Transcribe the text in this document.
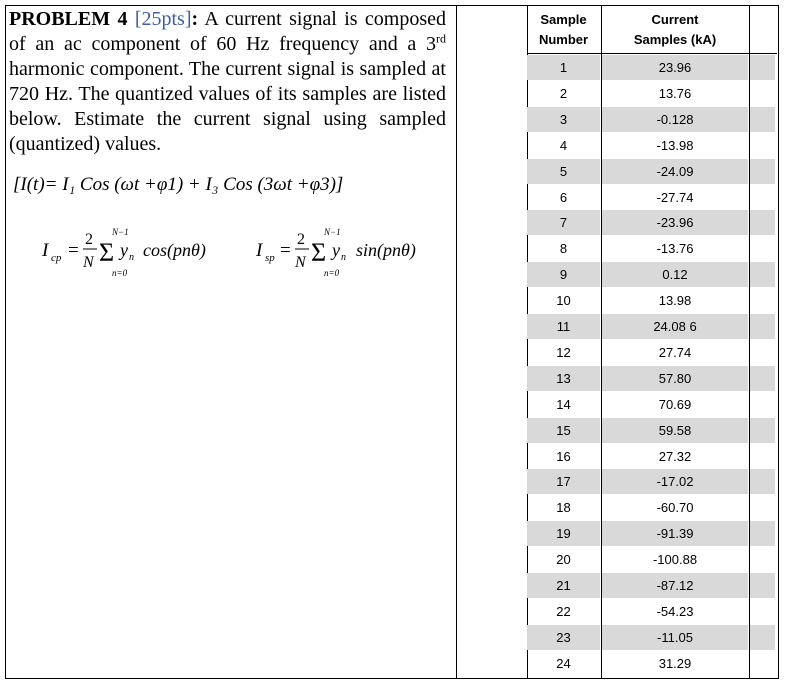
PROBLEM 4 [25pts]: A current signal is composed of an ac component of 60 Hz frequency and a 3rd harmonic component. The current signal is sampled at 720 Hz. The quantized values of its samples are listed below. Estimate the current signal using sampled (quantized) values.
[I(t)= I₁ Cos (ωt +φ1) + I₃ Cos (3ωt +φ3)]
I cp =
2
N
N−1
Σ
n=0
y n cos(pnθ)	I sp =
2
N
N−1
Σ
n=0
y n sin(pnθ)
Sample
Number
Current
Samples (kA)
1	23.96
2	13.76
3	-0.128
4	-13.98
5	-24.09
6	-27.74
7	-23.96
8	-13.76
9	0.12
10	13.98
11	24.08 6
12	27.74
13	57.80
14	70.69
15	59.58
16	27.32
17	-17.02
18	-60.70
19	-91.39
20	-100.88
21	-87.12
22	-54.23
23	-11.05
24	31.29
